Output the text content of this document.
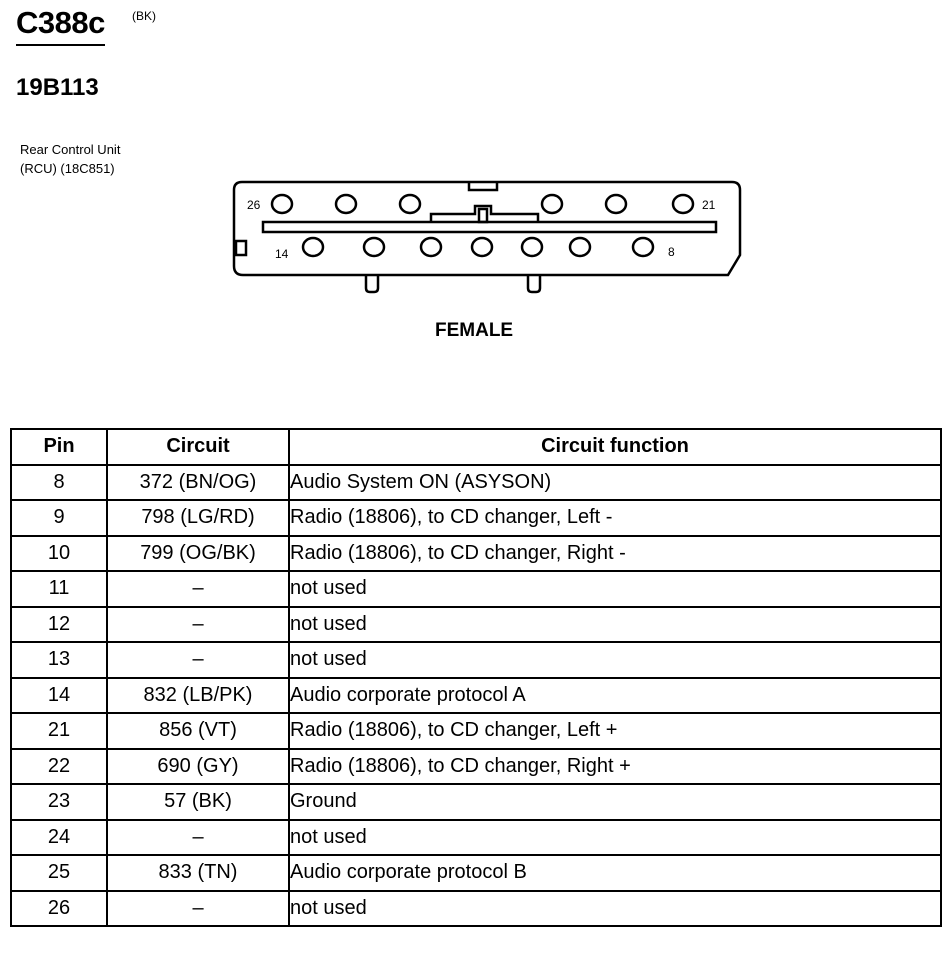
C388c (BK)
19B113
Rear Control Unit
(RCU) (18C851)
26	21
14	8
FEMALE
Pin	Circuit	Circuit function
8	372 (BN/OG)	Audio System ON (ASYSON)
9	798 (LG/RD)	Radio (18806), to CD changer, Left -
10	799 (OG/BK)	Radio (18806), to CD changer, Right -
11	–	not used
12	–	not used
13	–	not used
14	832 (LB/PK)	Audio corporate protocol A
21	856 (VT)	Radio (18806), to CD changer, Left +
22	690 (GY)	Radio (18806), to CD changer, Right +
23	57 (BK)	Ground
24	–	not used
25	833 (TN)	Audio corporate protocol B
26	–	not used
